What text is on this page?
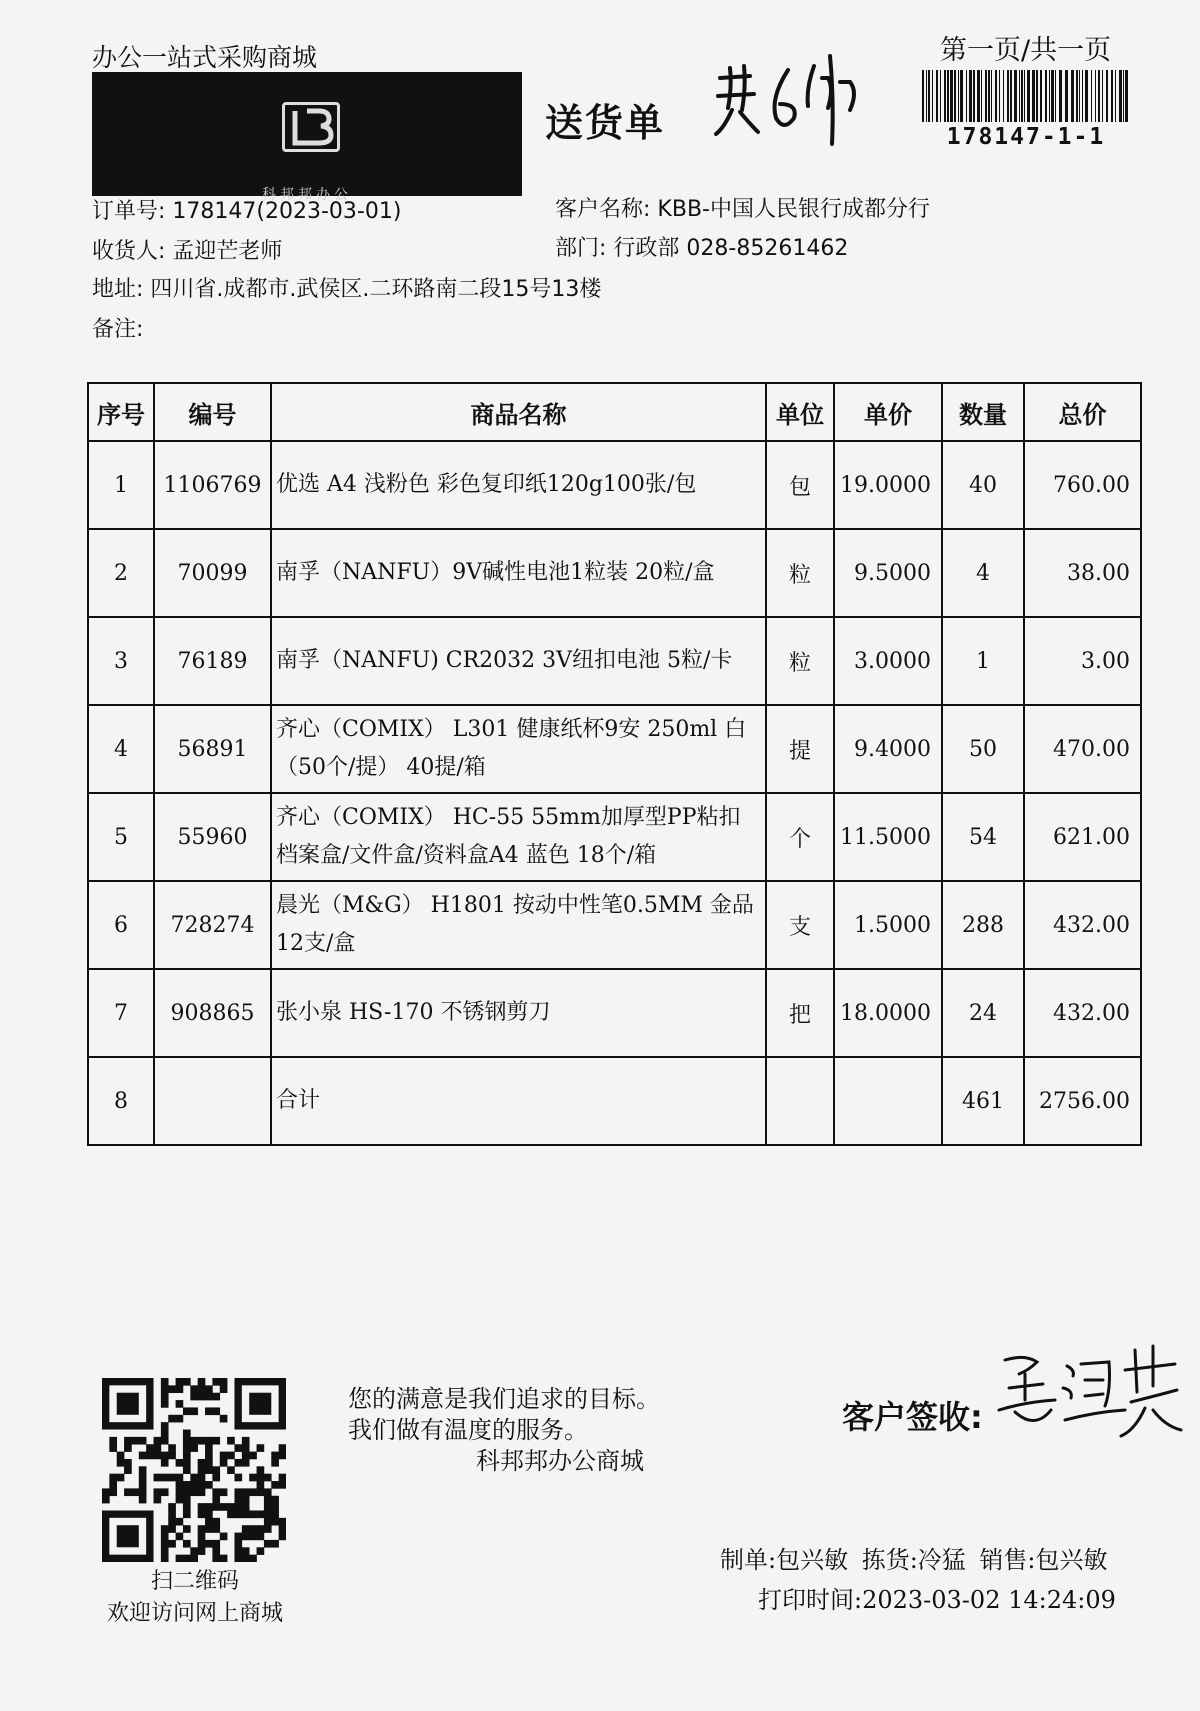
办公一站式采购商城
科邦邦办公
送货单
第一页/共一页
178147-1-1
订单号: 178147(2023-03-01)	客户名称: KBB-中国人民银行成都分行
收货人: 孟迎芒老师	部门: 行政部 028-85261462
地址: 四川省.成都市.武侯区.二环路南二段15号13楼
备注:
序号	编号	商品名称	单位	单价	数量	总价
1	1106769	优选 A4 浅粉色 彩色复印纸120g100张/包	包	19.0000	40	760.00
2	70099	南孚（NANFU）9V碱性电池1粒装 20粒/盒	粒	9.5000	4	38.00
3	76189	南孚（NANFU) CR2032 3V纽扣电池 5粒/卡	粒	3.0000	1	3.00
4	56891	齐心（COMIX） L301 健康纸杯9安 250ml 白（50个/提） 40提/箱	提	9.4000	50	470.00
5	55960	齐心（COMIX） HC-55 55mm加厚型PP粘扣档案盒/文件盒/资料盒A4 蓝色 18个/箱	个	11.5000	54	621.00
6	728274	晨光（M&G） H1801 按动中性笔0.5MM 金品 12支/盒	支	1.5000	288	432.00
7	908865	张小泉 HS-170 不锈钢剪刀	把	18.0000	24	432.00
8		合计			461	2756.00
扫二维码
欢迎访问网上商城
您的满意是我们追求的目标。
我们做有温度的服务。
科邦邦办公商城
客户签收:
制单:包兴敏 拣货:冷猛 销售:包兴敏
打印时间:2023-03-02 14:24:09
